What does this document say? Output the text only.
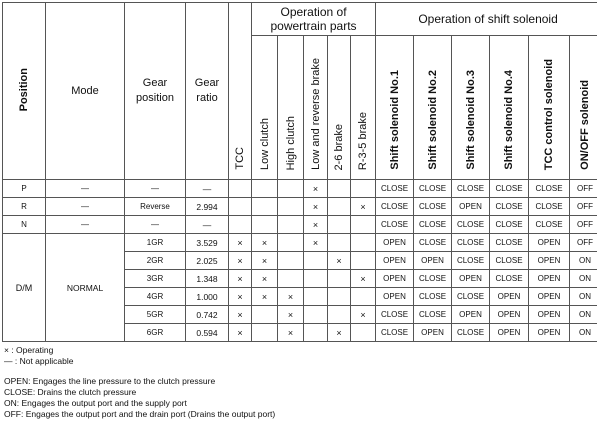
Position	Mode	Gear position	Gear ratio	TCC	Operation of powertrain parts					Operation of shift solenoid					
					Low clutch	High clutch	Low and reverse brake	2-6 brake	R-3-5 brake	Shift solenoid No.1	Shift solenoid No.2	Shift solenoid No.3	Shift solenoid No.4	TCC control solenoid	ON/OFF solenoid
P	—	—	—				×			CLOSE	CLOSE	CLOSE	CLOSE	CLOSE	OFF
R	—	Reverse	2.994				×		×	CLOSE	CLOSE	OPEN	CLOSE	CLOSE	OFF
N	—	—	—				×			CLOSE	CLOSE	CLOSE	CLOSE	CLOSE	OFF
D/M	NORMAL	1GR	3.529	×	×		×			OPEN	CLOSE	CLOSE	CLOSE	OPEN	OFF
		2GR	2.025	×	×			×		OPEN	OPEN	CLOSE	CLOSE	OPEN	ON
		3GR	1.348	×	×				×	OPEN	CLOSE	OPEN	CLOSE	OPEN	ON
		4GR	1.000	×	×	×				OPEN	CLOSE	CLOSE	OPEN	OPEN	ON
		5GR	0.742	×		×			×	CLOSE	CLOSE	OPEN	OPEN	OPEN	ON
		6GR	0.594	×		×		×		CLOSE	OPEN	CLOSE	OPEN	OPEN	ON
× : Operating
— : Not applicable
OPEN: Engages the line pressure to the clutch pressure
CLOSE: Drains the clutch pressure
ON: Engages the output port and the supply port
OFF: Engages the output port and the drain port (Drains the output port)
